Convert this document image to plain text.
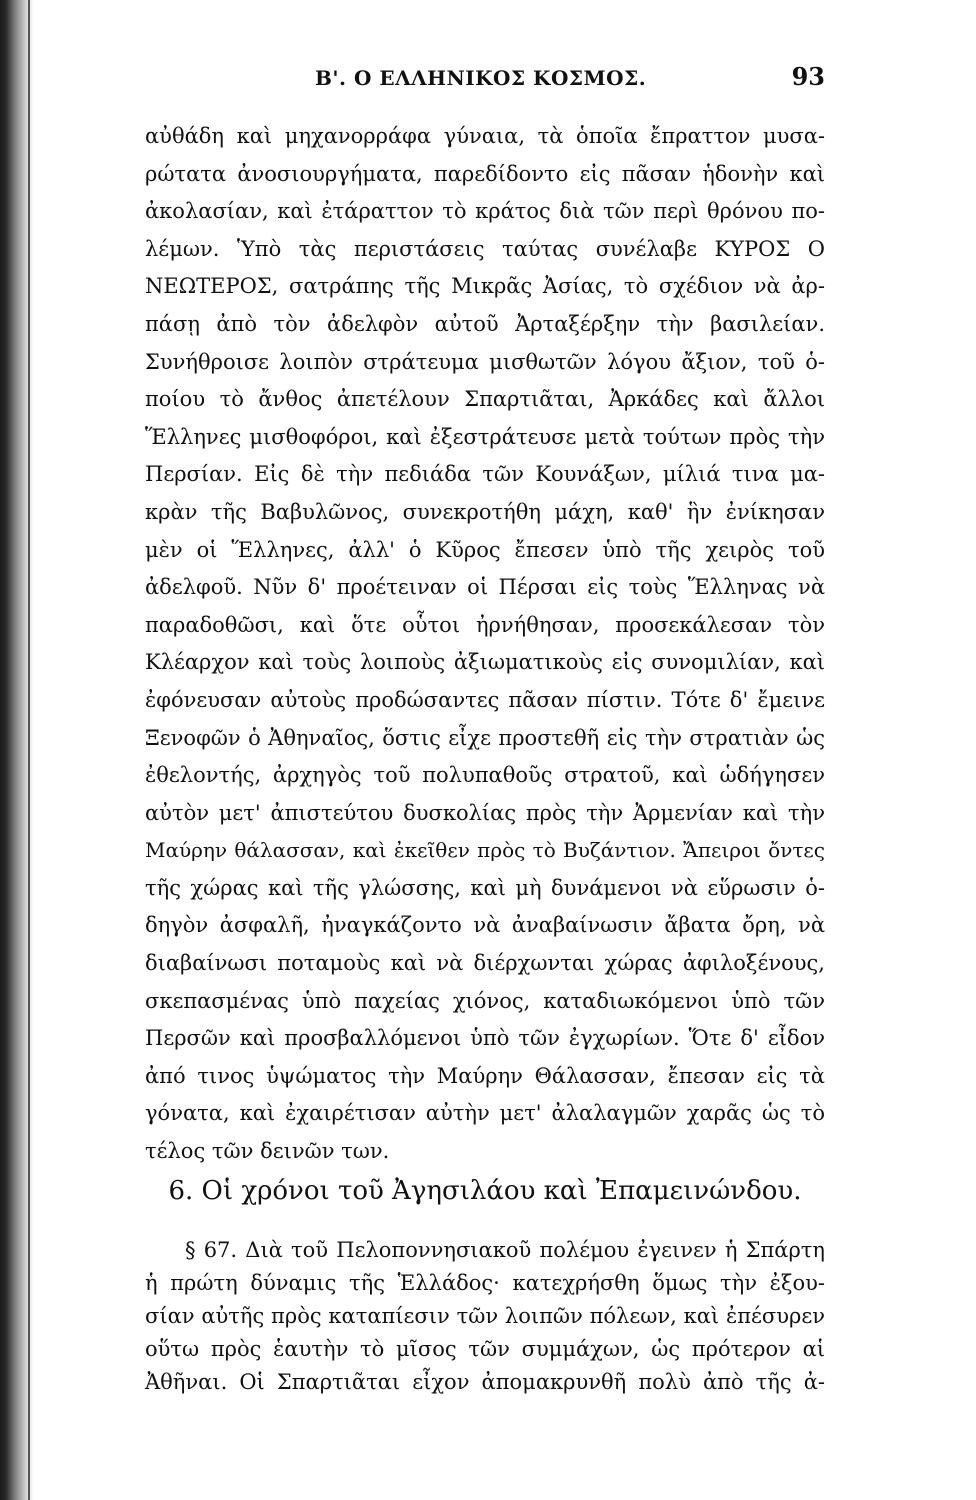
Β'. Ο ΕΛΛΗΝΙΚΟΣ ΚΟΣΜΟΣ.	93
αὐθάδη καὶ μηχανορράφα γύναια, τὰ ὁποῖα ἔπραττον μυσα-
ρώτατα ἀνοσιουργήματα, παρεδίδοντο εἰς πᾶσαν ἡδονὴν καὶ
ἀκολασίαν, καὶ ἐτάραττον τὸ κράτος διὰ τῶν περὶ θρόνου πο-
λέμων. Ὑπὸ τὰς περιστάσεις ταύτας συνέλαβε ΚΥΡΟΣ Ο
ΝΕΩΤΕΡΟΣ, σατράπης τῆς Μικρᾶς Ἀσίας, τὸ σχέδιον νὰ ἀρ-
πάσῃ ἀπὸ τὸν ἀδελφὸν αὐτοῦ Ἀρταξέρξην τὴν βασιλείαν.
Συνήθροισε λοιπὸν στράτευμα μισθωτῶν λόγου ἄξιον, τοῦ ὁ-
ποίου τὸ ἄνθος ἀπετέλουν Σπαρτιᾶται, Ἀρκάδες καὶ ἄλλοι
Ἕλληνες μισθοφόροι, καὶ ἐξεστράτευσε μετὰ τούτων πρὸς τὴν
Περσίαν. Εἰς δὲ τὴν πεδιάδα τῶν Κουνάξων, μίλιά τινα μα-
κρὰν τῆς Βαβυλῶνος, συνεκροτήθη μάχη, καθ' ἣν ἐνίκησαν
μὲν οἱ Ἕλληνες, ἀλλ' ὁ Κῦρος ἔπεσεν ὑπὸ τῆς χειρὸς τοῦ
ἀδελφοῦ. Νῦν δ' προέτειναν οἱ Πέρσαι εἰς τοὺς Ἕλληνας νὰ
παραδοθῶσι, καὶ ὅτε οὗτοι ἠρνήθησαν, προσεκάλεσαν τὸν
Κλέαρχον καὶ τοὺς λοιποὺς ἀξιωματικοὺς εἰς συνομιλίαν, καὶ
ἐφόνευσαν αὐτοὺς προδώσαντες πᾶσαν πίστιν. Τότε δ' ἔμεινε
Ξενοφῶν ὁ Ἀθηναῖος, ὅστις εἶχε προστεθῆ εἰς τὴν στρατιὰν ὡς
ἐθελοντής, ἀρχηγὸς τοῦ πολυπαθοῦς στρατοῦ, καὶ ὡδήγησεν
αὐτὸν μετ' ἀπιστεύτου δυσκολίας πρὸς τὴν Ἀρμενίαν καὶ τὴν
Μαύρην θάλασσαν, καὶ ἐκεῖθεν πρὸς τὸ Βυζάντιον. Ἄπειροι ὄντες
τῆς χώρας καὶ τῆς γλώσσης, καὶ μὴ δυνάμενοι νὰ εὕρωσιν ὁ-
δηγὸν ἀσφαλῆ, ἠναγκάζοντο νὰ ἀναβαίνωσιν ἄβατα ὄρη, νὰ
διαβαίνωσι ποταμοὺς καὶ νὰ διέρχωνται χώρας ἀφιλοξένους,
σκεπασμένας ὑπὸ παχείας χιόνος, καταδιωκόμενοι ὑπὸ τῶν
Περσῶν καὶ προσβαλλόμενοι ὑπὸ τῶν ἐγχωρίων. Ὅτε δ' εἶδον
ἀπό τινος ὑψώματος τὴν Μαύρην Θάλασσαν, ἔπεσαν εἰς τὰ
γόνατα, καὶ ἐχαιρέτισαν αὐτὴν μετ' ἀλαλαγμῶν χαρᾶς ὡς τὸ
τέλος τῶν δεινῶν των.
6. Οἱ χρόνοι τοῦ Ἀγησιλάου καὶ Ἐπαμεινώνδου.
§ 67. Διὰ τοῦ Πελοποννησιακοῦ πολέμου ἐγεινεν ἡ Σπάρτη
ἡ πρώτη δύναμις τῆς Ἑλλάδος· κατεχρήσθη ὅμως τὴν ἐξου-
σίαν αὐτῆς πρὸς καταπίεσιν τῶν λοιπῶν πόλεων, καὶ ἐπέσυρεν
οὕτω πρὸς ἑαυτὴν τὸ μῖσος τῶν συμμάχων, ὡς πρότερον αἱ
Ἀθῆναι. Οἱ Σπαρτιᾶται εἶχον ἀπομακρυνθῆ πολὺ ἀπὸ τῆς ἀ-
